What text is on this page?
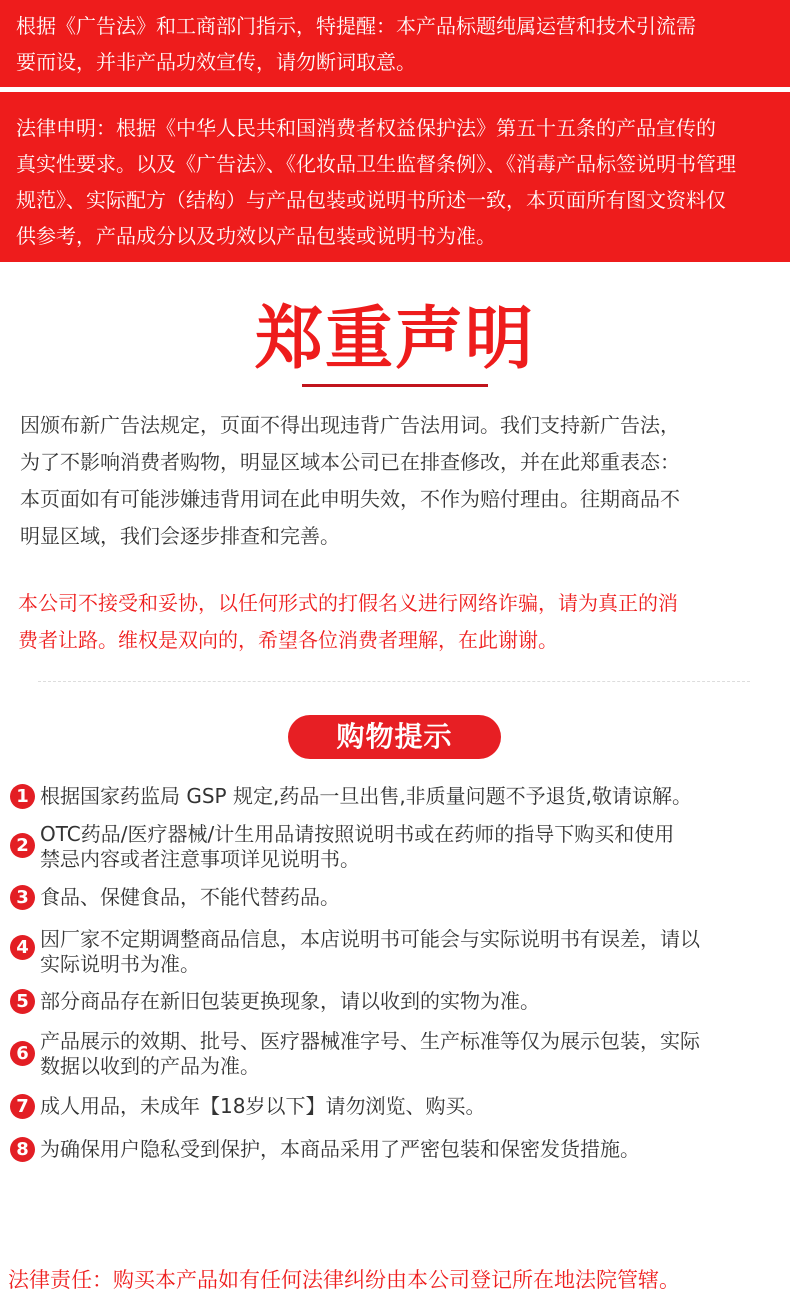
根据《广告法》和工商部门指示，特提醒：本产品标题纯属运营和技术引流需
要而设，并非产品功效宣传，请勿断词取意。
法律申明：根据《中华人民共和国消费者权益保护法》第五十五条的产品宣传的
真实性要求。以及《广告法》、《化妆品卫生监督条例》、《消毒产品标签说明书管理
规范》、实际配方（结构）与产品包装或说明书所述一致，本页面所有图文资料仅
供参考，产品成分以及功效以产品包装或说明书为准。
郑重声明
因颁布新广告法规定，页面不得出现违背广告法用词。我们支持新广告法，
为了不影响消费者购物，明显区域本公司已在排查修改，并在此郑重表态：
本页面如有可能涉嫌违背用词在此申明失效，不作为赔付理由。往期商品不
明显区域，我们会逐步排查和完善。
本公司不接受和妥协，以任何形式的打假名义进行网络诈骗，请为真正的消
费者让路。维权是双向的，希望各位消费者理解，在此谢谢。
购物提示
1 根据国家药监局 GSP 规定,药品一旦出售,非质量问题不予退货,敬请谅解。
2 OTC药品/医疗器械/计生用品请按照说明书或在药师的指导下购买和使用
禁忌内容或者注意事项详见说明书。
3 食品、保健食品，不能代替药品。
4 因厂家不定期调整商品信息，本店说明书可能会与实际说明书有误差，请以
实际说明书为准。
5 部分商品存在新旧包装更换现象，请以收到的实物为准。
6
产品展示的效期、批号、医疗器械准字号、生产标准等仅为展示包装，实际
数据以收到的产品为准。
7 成人用品，未成年【18岁以下】请勿浏览、购买。
8 为确保用户隐私受到保护，本商品采用了严密包装和保密发货措施。
法律责任：购买本产品如有任何法律纠纷由本公司登记所在地法院管辖。
